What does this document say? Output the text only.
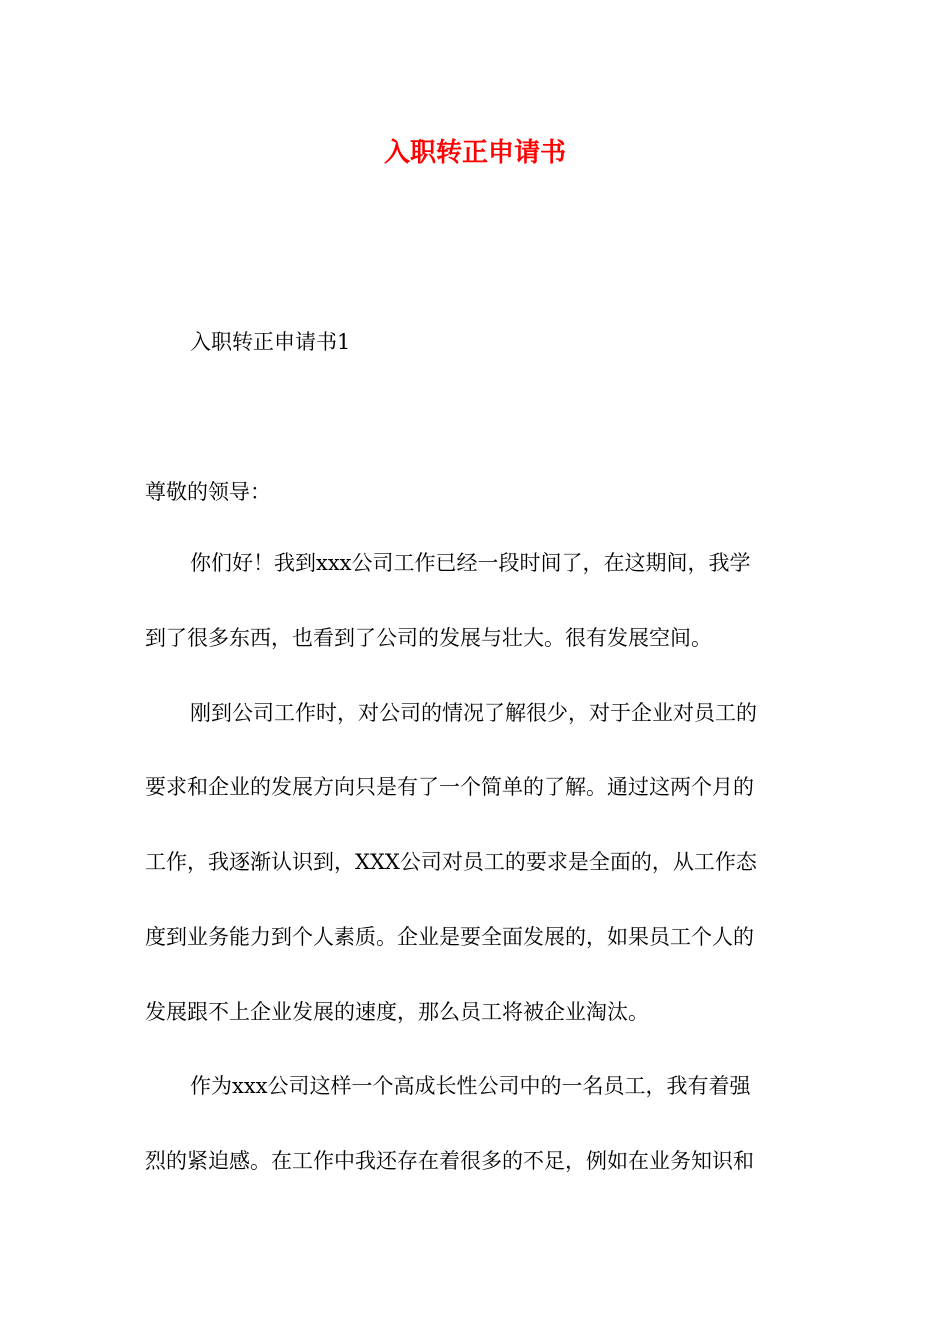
入职转正申请书
入职转正申请书1
尊敬的领导：
你们好！我到xxx公司工作已经一段时间了，在这期间，我学
到了很多东西，也看到了公司的发展与壮大。很有发展空间。
刚到公司工作时，对公司的情况了解很少，对于企业对员工的
要求和企业的发展方向只是有了一个简单的了解。通过这两个月的
工作，我逐渐认识到，XXX公司对员工的要求是全面的，从工作态
度到业务能力到个人素质。企业是要全面发展的，如果员工个人的
发展跟不上企业发展的速度，那么员工将被企业淘汰。
作为xxx公司这样一个高成长性公司中的一名员工，我有着强
烈的紧迫感。在工作中我还存在着很多的不足，例如在业务知识和
